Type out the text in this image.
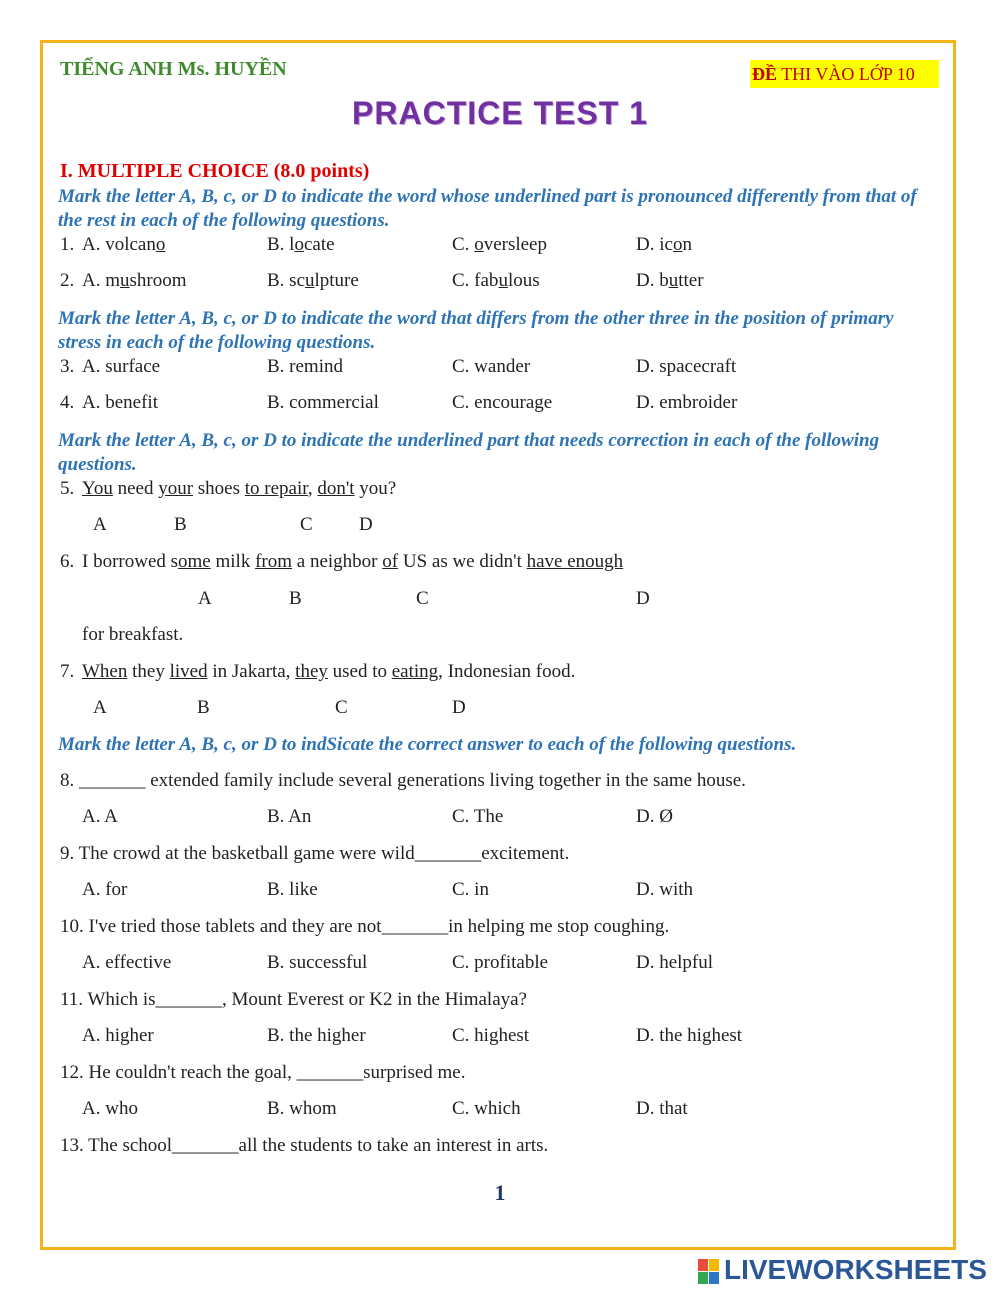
TIẾNG ANH Ms. HUYỀN	ĐỀ THI VÀO LỚP 10
PRACTICE TEST 1
I. MULTIPLE CHOICE (8.0 points)
Mark the letter A, B, c, or D to indicate the word whose underlined part is pronounced differently from that of the rest in each of the following questions.
1. A. volcano	B. locate	C. oversleep	D. icon
2. A. mushroom	B. sculpture	C. fabulous	D. butter
Mark the letter A, B, c, or D to indicate the word that differs from the other three in the position of primary stress in each of the following questions.
3. A. surface	B. remind	C. wander	D. spacecraft
4. A. benefit	B. commercial	C. encourage	D. embroider
Mark the letter A, B, c, or D to indicate the underlined part that needs correction in each of the following questions.
5. You need your shoes to repair, don't you?
A	B	C D
6. I borrowed some milk from a neighbor of US as we didn't have enough
A	B	C	D
for breakfast.
7. When they lived in Jakarta, they used to eating, Indonesian food.
A	B	C	D
Mark the letter A, B, c, or D to indSicate the correct answer to each of the following questions.
8. _______ extended family include several generations living together in the same house.
A. A	B. An	C. The	D. Ø
9. The crowd at the basketball game were wild_______excitement.
A. for	B. like	C. in	D. with
10. I've tried those tablets and they are not_______in helping me stop coughing.
A. effective	B. successful	C. profitable	D. helpful
11. Which is_______, Mount Everest or K2 in the Himalaya?
A. higher	B. the higher	C. highest	D. the highest
12. He couldn't reach the goal, _______surprised me.
A. who	B. whom	C. which	D. that
13. The school_______all the students to take an interest in arts.
1
LIVEWORKSHEETS
